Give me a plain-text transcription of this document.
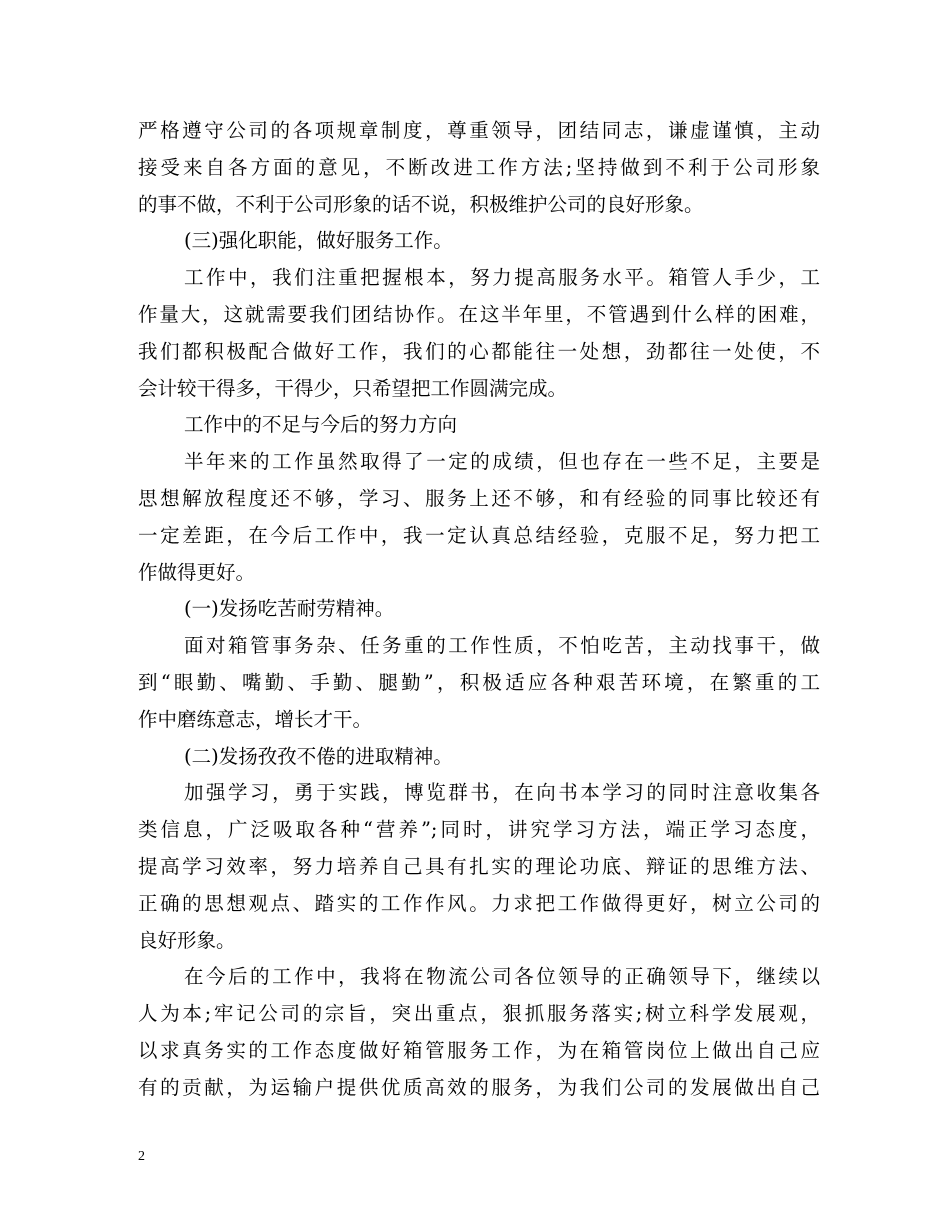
严格遵守公司的各项规章制度，尊重领导，团结同志，谦虚谨慎，主动
接受来自各方面的意见，不断改进工作方法;坚持做到不利于公司形象
的事不做，不利于公司形象的话不说，积极维护公司的良好形象。
(三)强化职能，做好服务工作。
工作中，我们注重把握根本，努力提高服务水平。箱管人手少，工
作量大，这就需要我们团结协作。在这半年里，不管遇到什么样的困难，
我们都积极配合做好工作，我们的心都能往一处想，劲都往一处使，不
会计较干得多，干得少，只希望把工作圆满完成。
工作中的不足与今后的努力方向
半年来的工作虽然取得了一定的成绩，但也存在一些不足，主要是
思想解放程度还不够，学习、服务上还不够，和有经验的同事比较还有
一定差距，在今后工作中，我一定认真总结经验，克服不足，努力把工
作做得更好。
(一)发扬吃苦耐劳精神。
面对箱管事务杂、任务重的工作性质，不怕吃苦，主动找事干，做
到“眼勤、嘴勤、手勤、腿勤”，积极适应各种艰苦环境，在繁重的工
作中磨练意志，增长才干。
(二)发扬孜孜不倦的进取精神。
加强学习，勇于实践，博览群书，在向书本学习的同时注意收集各
类信息，广泛吸取各种“营养”;同时，讲究学习方法，端正学习态度，
提高学习效率，努力培养自己具有扎实的理论功底、辩证的思维方法、
正确的思想观点、踏实的工作作风。力求把工作做得更好，树立公司的
良好形象。
在今后的工作中，我将在物流公司各位领导的正确领导下，继续以
人为本;牢记公司的宗旨，突出重点，狠抓服务落实;树立科学发展观，
以求真务实的工作态度做好箱管服务工作，为在箱管岗位上做出自己应
有的贡献，为运输户提供优质高效的服务，为我们公司的发展做出自己
2
